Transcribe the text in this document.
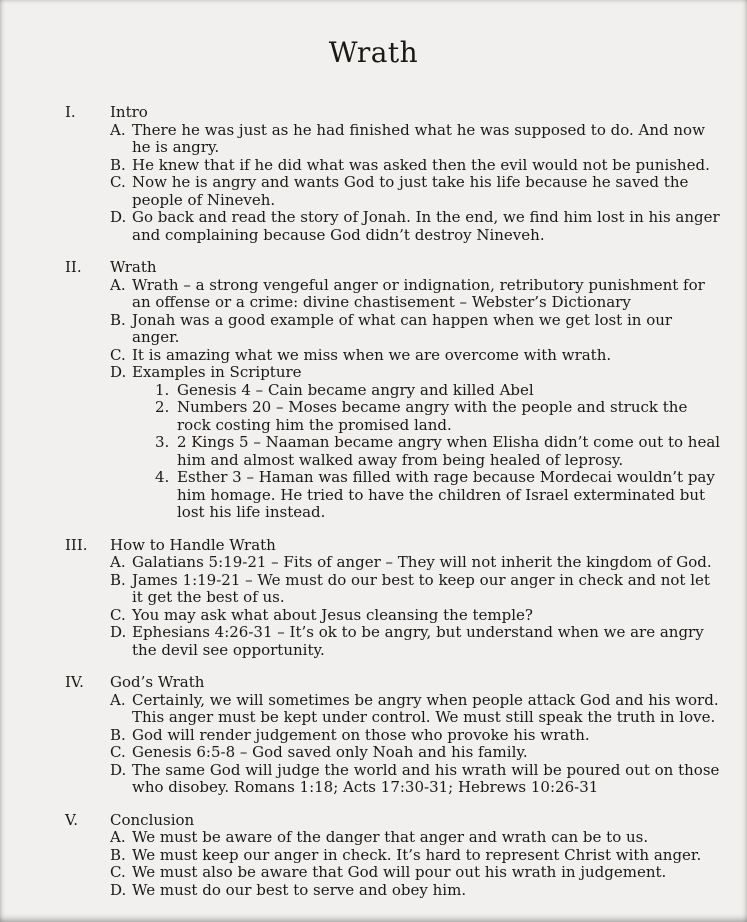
Wrath
I.	Intro
A. There he was just as he had finished what he was supposed to do. And now he is angry.
B. He knew that if he did what was asked then the evil would not be punished.
C. Now he is angry and wants God to just take his life because he saved the people of Nineveh.
D. Go back and read the story of Jonah. In the end, we find him lost in his anger and complaining because God didn’t destroy Nineveh.
II.	Wrath
A. Wrath – a strong vengeful anger or indignation, retributory punishment for an offense or a crime: divine chastisement – Webster’s Dictionary
B. Jonah was a good example of what can happen when we get lost in our anger.
C. It is amazing what we miss when we are overcome with wrath.
D. Examples in Scripture
1. Genesis 4 – Cain became angry and killed Abel
2. Numbers 20 – Moses became angry with the people and struck the rock costing him the promised land.
3. 2 Kings 5 – Naaman became angry when Elisha didn’t come out to heal him and almost walked away from being healed of leprosy.
4. Esther 3 – Haman was filled with rage because Mordecai wouldn’t pay him homage. He tried to have the children of Israel exterminated but lost his life instead.
III.	How to Handle Wrath
A. Galatians 5:19-21 – Fits of anger – They will not inherit the kingdom of God.
B. James 1:19-21 – We must do our best to keep our anger in check and not let it get the best of us.
C. You may ask what about Jesus cleansing the temple?
D. Ephesians 4:26-31 – It’s ok to be angry, but understand when we are angry the devil see opportunity.
IV.	God’s Wrath
A. Certainly, we will sometimes be angry when people attack God and his word. This anger must be kept under control. We must still speak the truth in love.
B. God will render judgement on those who provoke his wrath.
C. Genesis 6:5-8 – God saved only Noah and his family.
D. The same God will judge the world and his wrath will be poured out on those who disobey. Romans 1:18; Acts 17:30-31; Hebrews 10:26-31
V.	Conclusion
A. We must be aware of the danger that anger and wrath can be to us.
B. We must keep our anger in check. It’s hard to represent Christ with anger.
C. We must also be aware that God will pour out his wrath in judgement.
D. We must do our best to serve and obey him.
